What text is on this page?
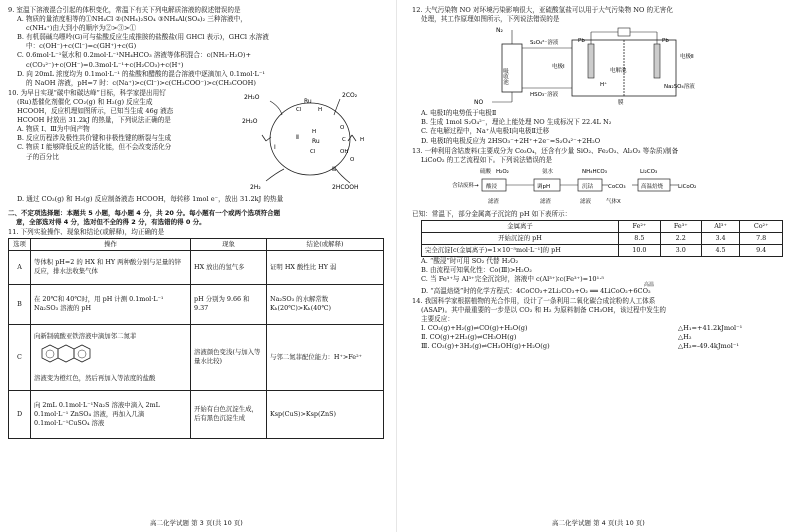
9. 室温下溶液混合引起的体积变化，常温下有关下列电解质溶液的叙述错误的是

A. 物质的量浓度相等的①NH₄Cl ②(NH₄)₂SO₄ ③NH₄Al(SO₄)₂ 三种溶液中，

c(NH₄⁺)由大到小的顺序为②>③>①

B. 有机弱碱乌嘌呤(G)可与盐酸反应生成推胺的盐酸盐(用 GHCl 表示)，GHCl 水溶液

中：c(OH⁻)+c(Cl⁻)=c(GH⁺)+c(G)

C. 0.6mol·L⁻¹氨水和 0.2mol·L⁻¹NH₄HCO₃ 溶液等体积混合：c(NH₃·H₂O)+

c(CO₃²⁻)+c(OH⁻)=0.3mol·L⁻¹+c(H₂CO₃)+c(H⁺)

D. 向 20mL 浓度均为 0.1mol·L⁻¹ 的盐酸和醋酸的混合溶液中逐滴加入 0.1mol·L⁻¹

的 NaOH 溶液，pH=7 时：c(Na⁺)>c(Cl⁻)>c(CH₃COO⁻)>c(CH₃COOH)

10. 为早日实现“碳中和碳达峰”目标，科学家提出用钌

(Ru)基催化剂催化 CO₂(g) 和 H₂(g) 反应生成

HCOOH，反应机理如图所示，已知当生成 46g 液态

HCOOH 时放出 31.2kJ 的热量，下列说法正确的是

A. 物质 Ⅰ、Ⅲ为中间产物

B. 反应历程涉及极性共价键和非极性键的断裂与生成

C. 物质 Ⅰ 能够降低反应的活化能，但不会改变活化分

子的百分比

2H₂O
Ru
Cl	H
2CO₂
2H₂O
H
Ru
O
C	H
OH
Cl
O
2HCOOH
Ⅰ
Ⅱ
Ⅲ
2H₂

D. 通过 CO₂(g) 和 H₂(g) 反应制备液态 HCOOH，每转移 1mol e⁻，放出 31.2kJ 的热量

二、不定项选择题：本题共 5 小题，每小题 4 分，共 20 分。每小题有一个或两个选项符合题

意，全部选对得 4 分，选对但不全的得 2 分，有选错的得 0 分。

11. 下列实验操作、现象和结论(或解释)，均正确的是

选项	操作	现象	结论(或解释)
A	等体积 pH=2 的 HX 和 HY 两种酸分别与足量的锌反应，排水法收集气体	HX 放出的氢气多	证明 HX 酸性比 HY 弱
B	在 20℃和 40℃时，用 pH 计测 0.1mol·L⁻¹ Na₂SO₃ 溶液的 pH	pH 分别为 9.66 和 9.37	Na₂SO₃ 的水解常数 Kₕ(20℃)>Kₕ(40℃)
C	向新制硫酸亚铁溶液中滴加邻二氮菲
溶液变为橙红色，然后再加入等浓度的盐酸	溶液颜色变浅(与加入等量水比较)	与邻二氮菲配位能力：H⁺>Fe²⁺
D	向 2mL 0.1mol·L⁻¹Na₂S 溶液中滴入 2mL 0.1mol·L⁻¹ ZnSO₄ 溶液，再加入几滴 0.1mol·L⁻¹CuSO₄ 溶液	开始有白色沉淀生成，后有黑色沉淀生成	Ksp(CuS)>Ksp(ZnS)
高二化学试题 第 3 页(共 10 页)

12. 大气污染物 NO 对环境污染影响很大，亚硫酸氢盐可以用于大气污染物 NO 的无害化

处理，其工作原理如图所示，下列说法错误的是

N₂
S₂O₄²⁻溶液	Pb	Pb
吸收池
电极Ⅰ
电极Ⅱ
电解池
NO
HSO₃⁻溶液
H⁺
膜
Na₂SO₄溶液

A. 电极Ⅰ的电势低于电极Ⅱ

B. 生成 1mol S₂O₄²⁻，理论上能处理 NO 生成标况下 22.4L N₂

C. 在电解过程中，Na⁺从电极Ⅰ向电极Ⅱ迁移

D. 电极Ⅰ的电极反应为 2HSO₃⁻+2H⁺+2e⁻=S₂O₄²⁻+2H₂O

13. 一种利用含钴废料(主要成分为 Co₃O₄，还含有少量 SiO₂、Fe₂O₃、Al₂O₃ 等杂质)制备

LiCoO₂ 的工艺流程如下。下列说法错误的是

硫酸 H₂O₂	氨水	NH₄HCO₃	Li₂CO₃
含钴废料→ 酸浸	调pH	沉钴	CoCO₃	高温焙烧	LiCoO₂
滤渣	滤渣	滤液	气体X

已知：常温下，部分金属离子沉淀的 pH 如下表所示：

金属离子	Fe²⁺	Fe³⁺	Al³⁺	Co²⁺
开始沉淀的 pH	8.5	2.2	3.4	7.8
完全沉淀[c(金属离子)=1×10⁻⁵mol·L⁻¹]的 pH	10.0	3.0	4.5	9.4

A. “酸浸”时可用 SO₂ 代替 H₂O₂

B. 由流程可知氧化性：Co(Ⅲ)>H₂O₂

C. 当 Fe³⁺与 Al³⁺完全沉淀时，溶液中 c(Al³⁺)∶c(Fe³⁺)=10¹·⁵

高温
D. “高温焙烧”时的化学方程式：4CoCO₃+2Li₂CO₃+O₂ ══ 4LiCoO₂+6CO₂

14. 我国科学家根据植物的光合作用，设计了一条利用二氧化碳合成淀粉的人工体系

(ASAP)。其中最重要的一步是以 CO₂ 和 H₂ 为原料制备 CH₃OH，该过程中发生的

主要反应：

Ⅰ. CO₂(g)+H₂(g)⇌CO(g)+H₂O(g)	△H₁=+41.2kJmol⁻¹
Ⅱ. CO(g)+2H₂(g)⇌CH₃OH(g)	△H₂
Ⅲ. CO₂(g)+3H₂(g)⇌CH₃OH(g)+H₂O(g)	△H₃=-49.4kJmol⁻¹
高二化学试题 第 4 页(共 10 页)
